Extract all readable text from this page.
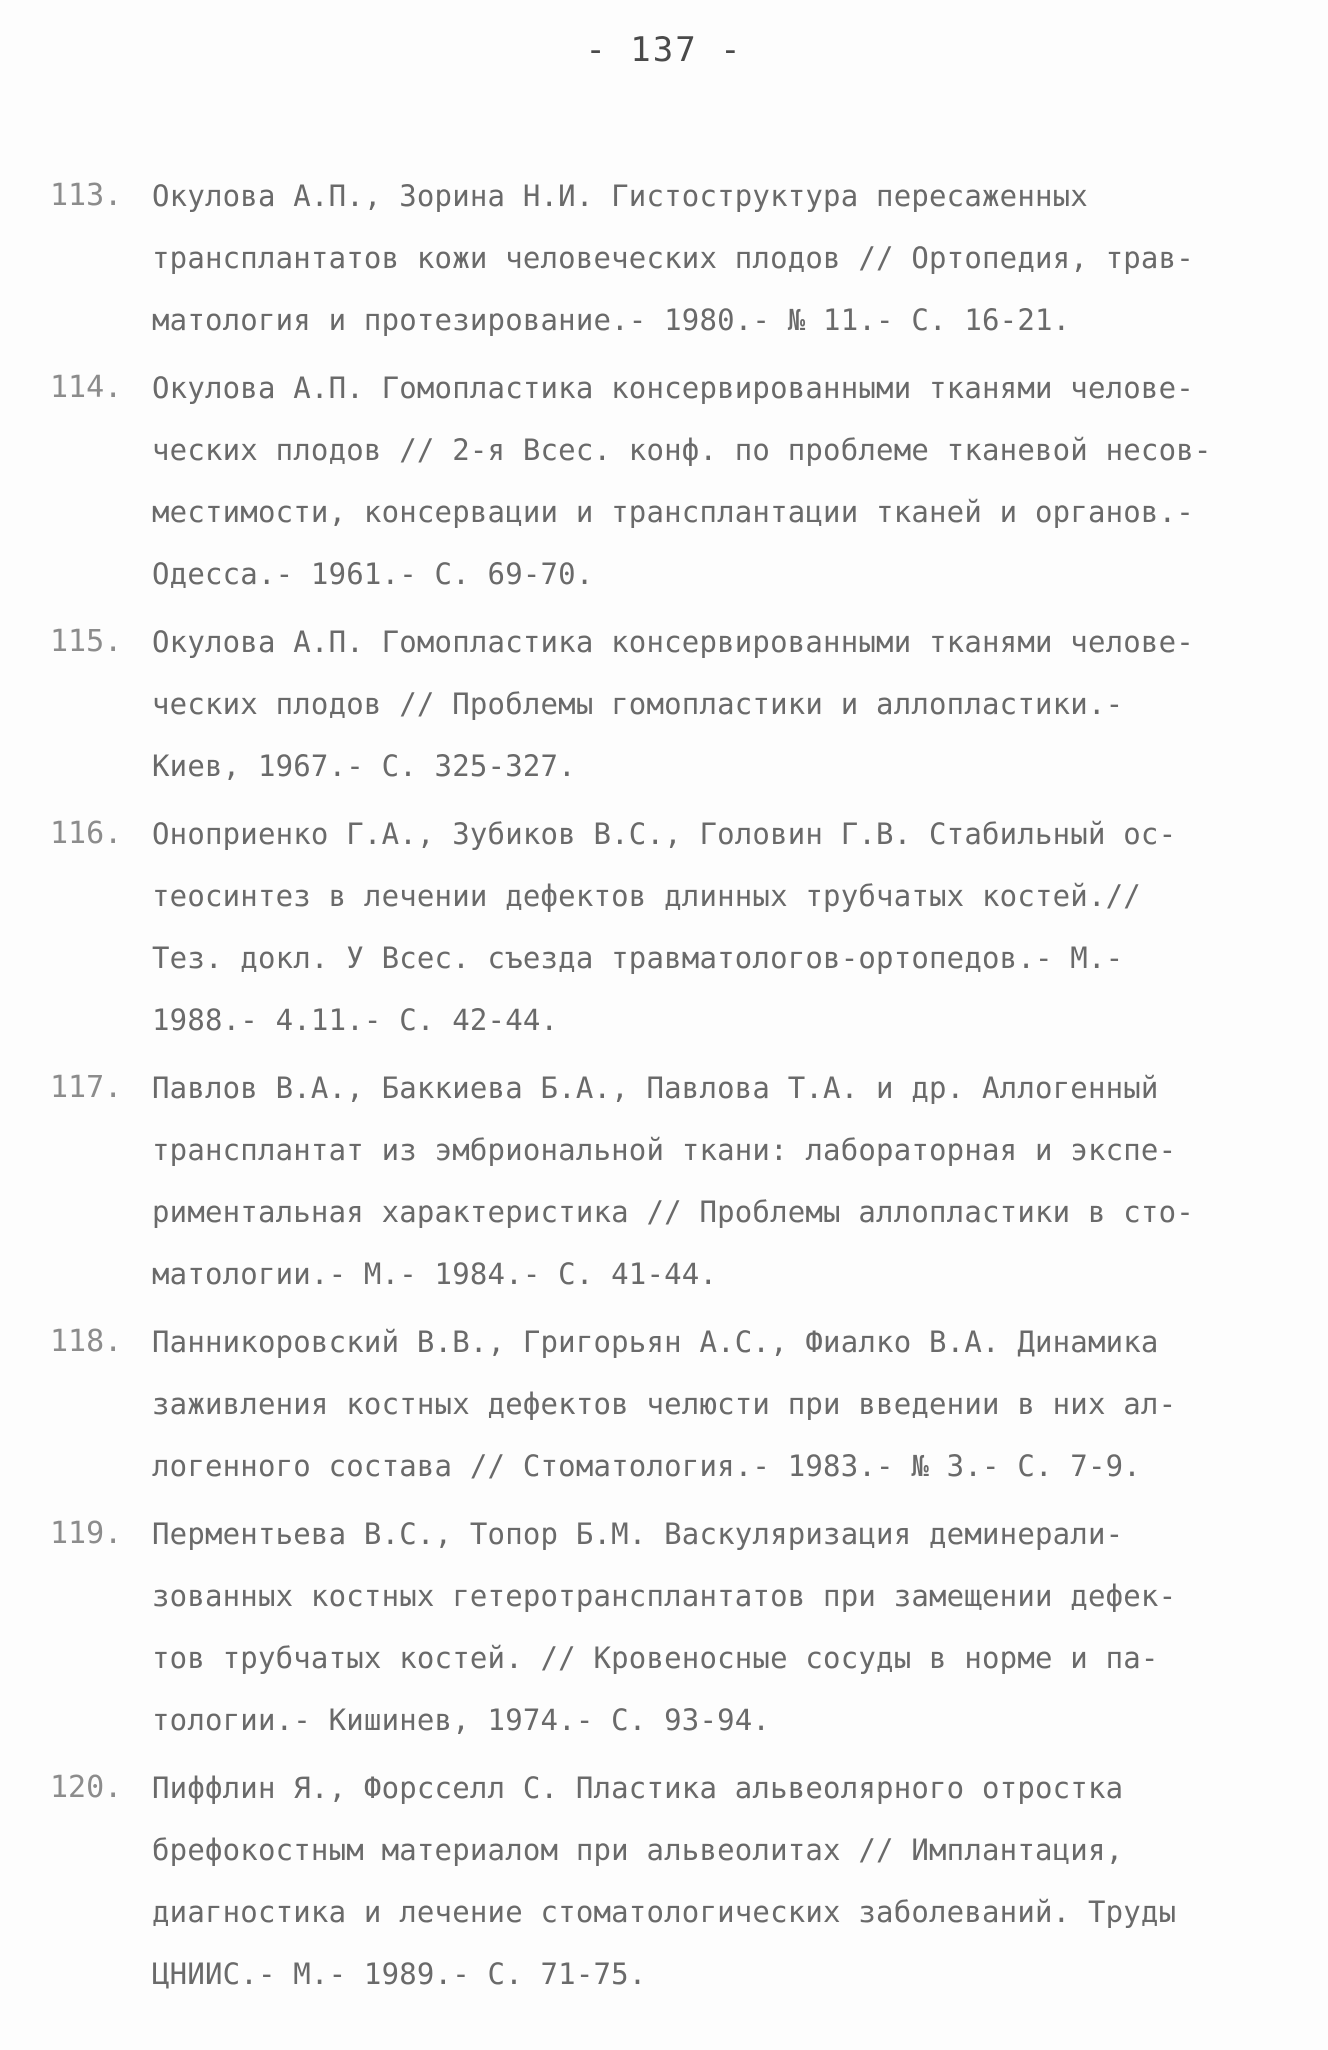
- 137 -
113. Окулова А.П., Зорина Н.И. Гистоструктура пересаженных
трансплантатов кожи человеческих плодов // Ортопедия, трав-
матология и протезирование.- 1980.- № 11.- С. 16-21.
114. Окулова А.П. Гомопластика консервированными тканями челове-
ческих плодов // 2-я Всес. конф. по проблеме тканевой несов-
местимости, консервации и трансплантации тканей и органов.-
Одесса.- 1961.- С. 69-70.
115. Окулова А.П. Гомопластика консервированными тканями челове-
ческих плодов // Проблемы гомопластики и аллопластики.-
Киев, 1967.- С. 325-327.
116. Оноприенко Г.А., Зубиков В.С., Головин Г.В. Стабильный ос-
теосинтез в лечении дефектов длинных трубчатых костей.//
Тез. докл. У Всес. съезда травматологов-ортопедов.- М.-
1988.- 4.11.- С. 42-44.
117. Павлов В.А., Баккиева Б.А., Павлова Т.А. и др. Аллогенный
трансплантат из эмбриональной ткани: лабораторная и экспе-
риментальная характеристика // Проблемы аллопластики в сто-
матологии.- М.- 1984.- С. 41-44.
118. Панникоровский В.В., Григорьян А.С., Фиалко В.А. Динамика
заживления костных дефектов челюсти при введении в них ал-
логенного состава // Стоматология.- 1983.- № 3.- С. 7-9.
119. Перментьева В.С., Топор Б.М. Васкуляризация деминерали-
зованных костных гетеротрансплантатов при замещении дефек-
тов трубчатых костей. // Кровеносные сосуды в норме и па-
тологии.- Кишинев, 1974.- С. 93-94.
120. Пиффлин Я., Форсселл С. Пластика альвеолярного отростка
брефокостным материалом при альвеолитах // Имплантация,
диагностика и лечение стоматологических заболеваний. Труды
ЦНИИС.- М.- 1989.- С. 71-75.
